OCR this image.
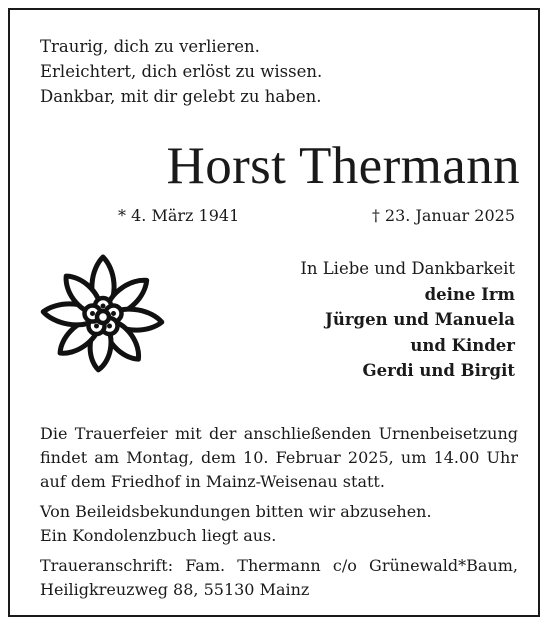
Traurig, dich zu verlieren.
Erleichtert, dich erlöst zu wissen.
Dankbar, mit dir gelebt zu haben.
Horst Thermann
* 4. März 1941	† 23. Januar 2025
In Liebe und Dankbarkeit
deine Irm
Jürgen und Manuela
und Kinder
Gerdi und Birgit

Die Trauerfeier mit der anschließenden Urnenbeisetzung

findet am Montag, dem 10. Februar 2025, um 14.00 Uhr

auf dem Friedhof in Mainz-Weisenau statt.

Von Beileidsbekundungen bitten wir abzusehen.

Ein Kondolenzbuch liegt aus.

Traueranschrift: Fam. Thermann c/o Grünewald*Baum,

Heiligkreuzweg 88, 55130 Mainz
